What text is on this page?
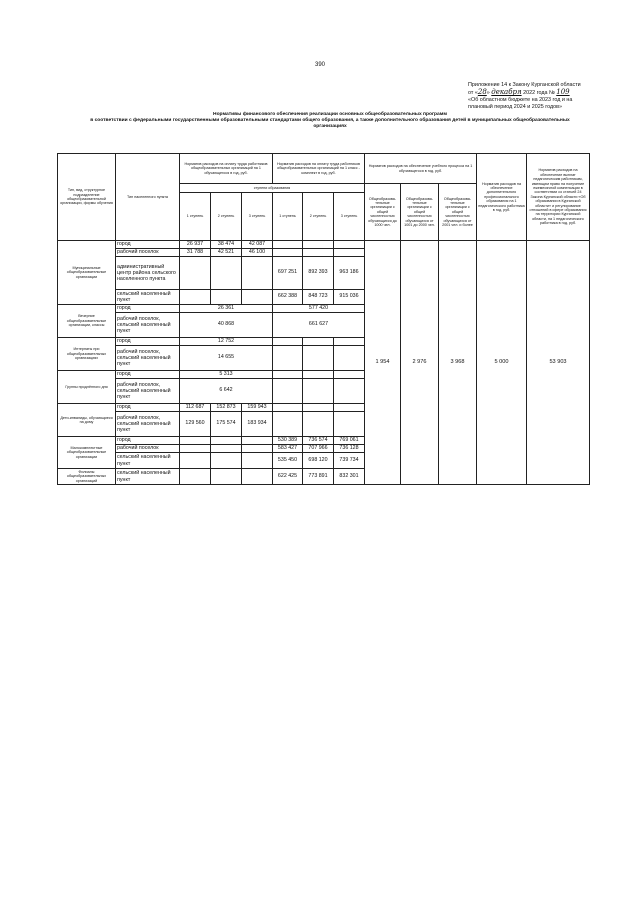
390
Приложение 14 к Закону Курганской области
от «28» декабря 2022 года № 109
«Об областном бюджете на 2023 год и на
плановый период 2024 и 2025 годов»
Нормативы финансового обеспечения реализации основных общеобразовательных программ
в соответствии с федеральными государственными образовательными стандартами общего образования, а также дополнительного образования детей в муниципальных общеобразовательных
организациях
Тип, вид, структурное подразделение общеобразовательной организации, формы обучения	Тип населенного пункта	Норматив расходов на оплату труда работников общеобразовательных организаций на 1 обучающегося в год, руб.			Норматив расходов на оплату труда работников общеобразовательных организаций на 1 класс - комплект в год, руб.			Норматив расходов на обеспечение учебного процесса на 1 обучающегося в год, руб.			Норматив расходов на обеспечение дополнительного профессионального образования на 1 педагогического работника в год, руб.	Норматив расходов на обеспечение выплат педагогическим работникам, имеющим право на получение ежемесячной компенсации в соответствии со статьей 24 Закона Курганской области «Об образовании в Курганской области» и регулирование отношений в сфере образования на территории Курганской области, на 1 педагогического работника в год, руб.
		ступени образования						Общеобразова-тельные организации с общей численностью обучающихся до 1000 чел.	Общеобразова-тельные организации с общей численностью обучающихся от 1001 до 2000 чел.	Общеобразова-тельные организации с общей численностью обучающихся от 2001 чел. и более		
		1 ступень	2 ступень	3 ступень	1 ступень	2 ступень	3 ступень					
Муниципальные общеобразовательные организации	город	26 937	38 474	42 087				1 954	2 976	3 968	5 000	53 903
	рабочий поселок	31 788	42 521	46 100								
	административный центр района сельского населенного пункта				697 251	892 393	963 186					
	сельский населенный пункт				662 388	848 723	915 036					
Вечерние общеобразовательные организации, классы	город	26 361			577 420							
	рабочий поселок, сельский населенный пункт	40 868			661 627							
Интернаты при общеобразовательных организациях	город	12 752										
	рабочий поселок, сельский населенный пункт	14 655										
Группы продлённого дня	город	5 313										
	рабочий поселок, сельский населенный пункт	6 642										
Дети-инвалиды, обучающиеся на дому	город	112 687	152 873	159 943								
	рабочий поселок, сельский населенный пункт	129 560	175 574	183 934								
Малокомплектные общеобразовательные организации	город				530 389	736 574	769 061					
	рабочий поселок				583 427	707 966	736 128					
	сельский населенный пункт				535 450	698 120	739 734					
Филиалы общеобразовательных организаций	сельский населенный пункт				622 425	773 891	832 301					
